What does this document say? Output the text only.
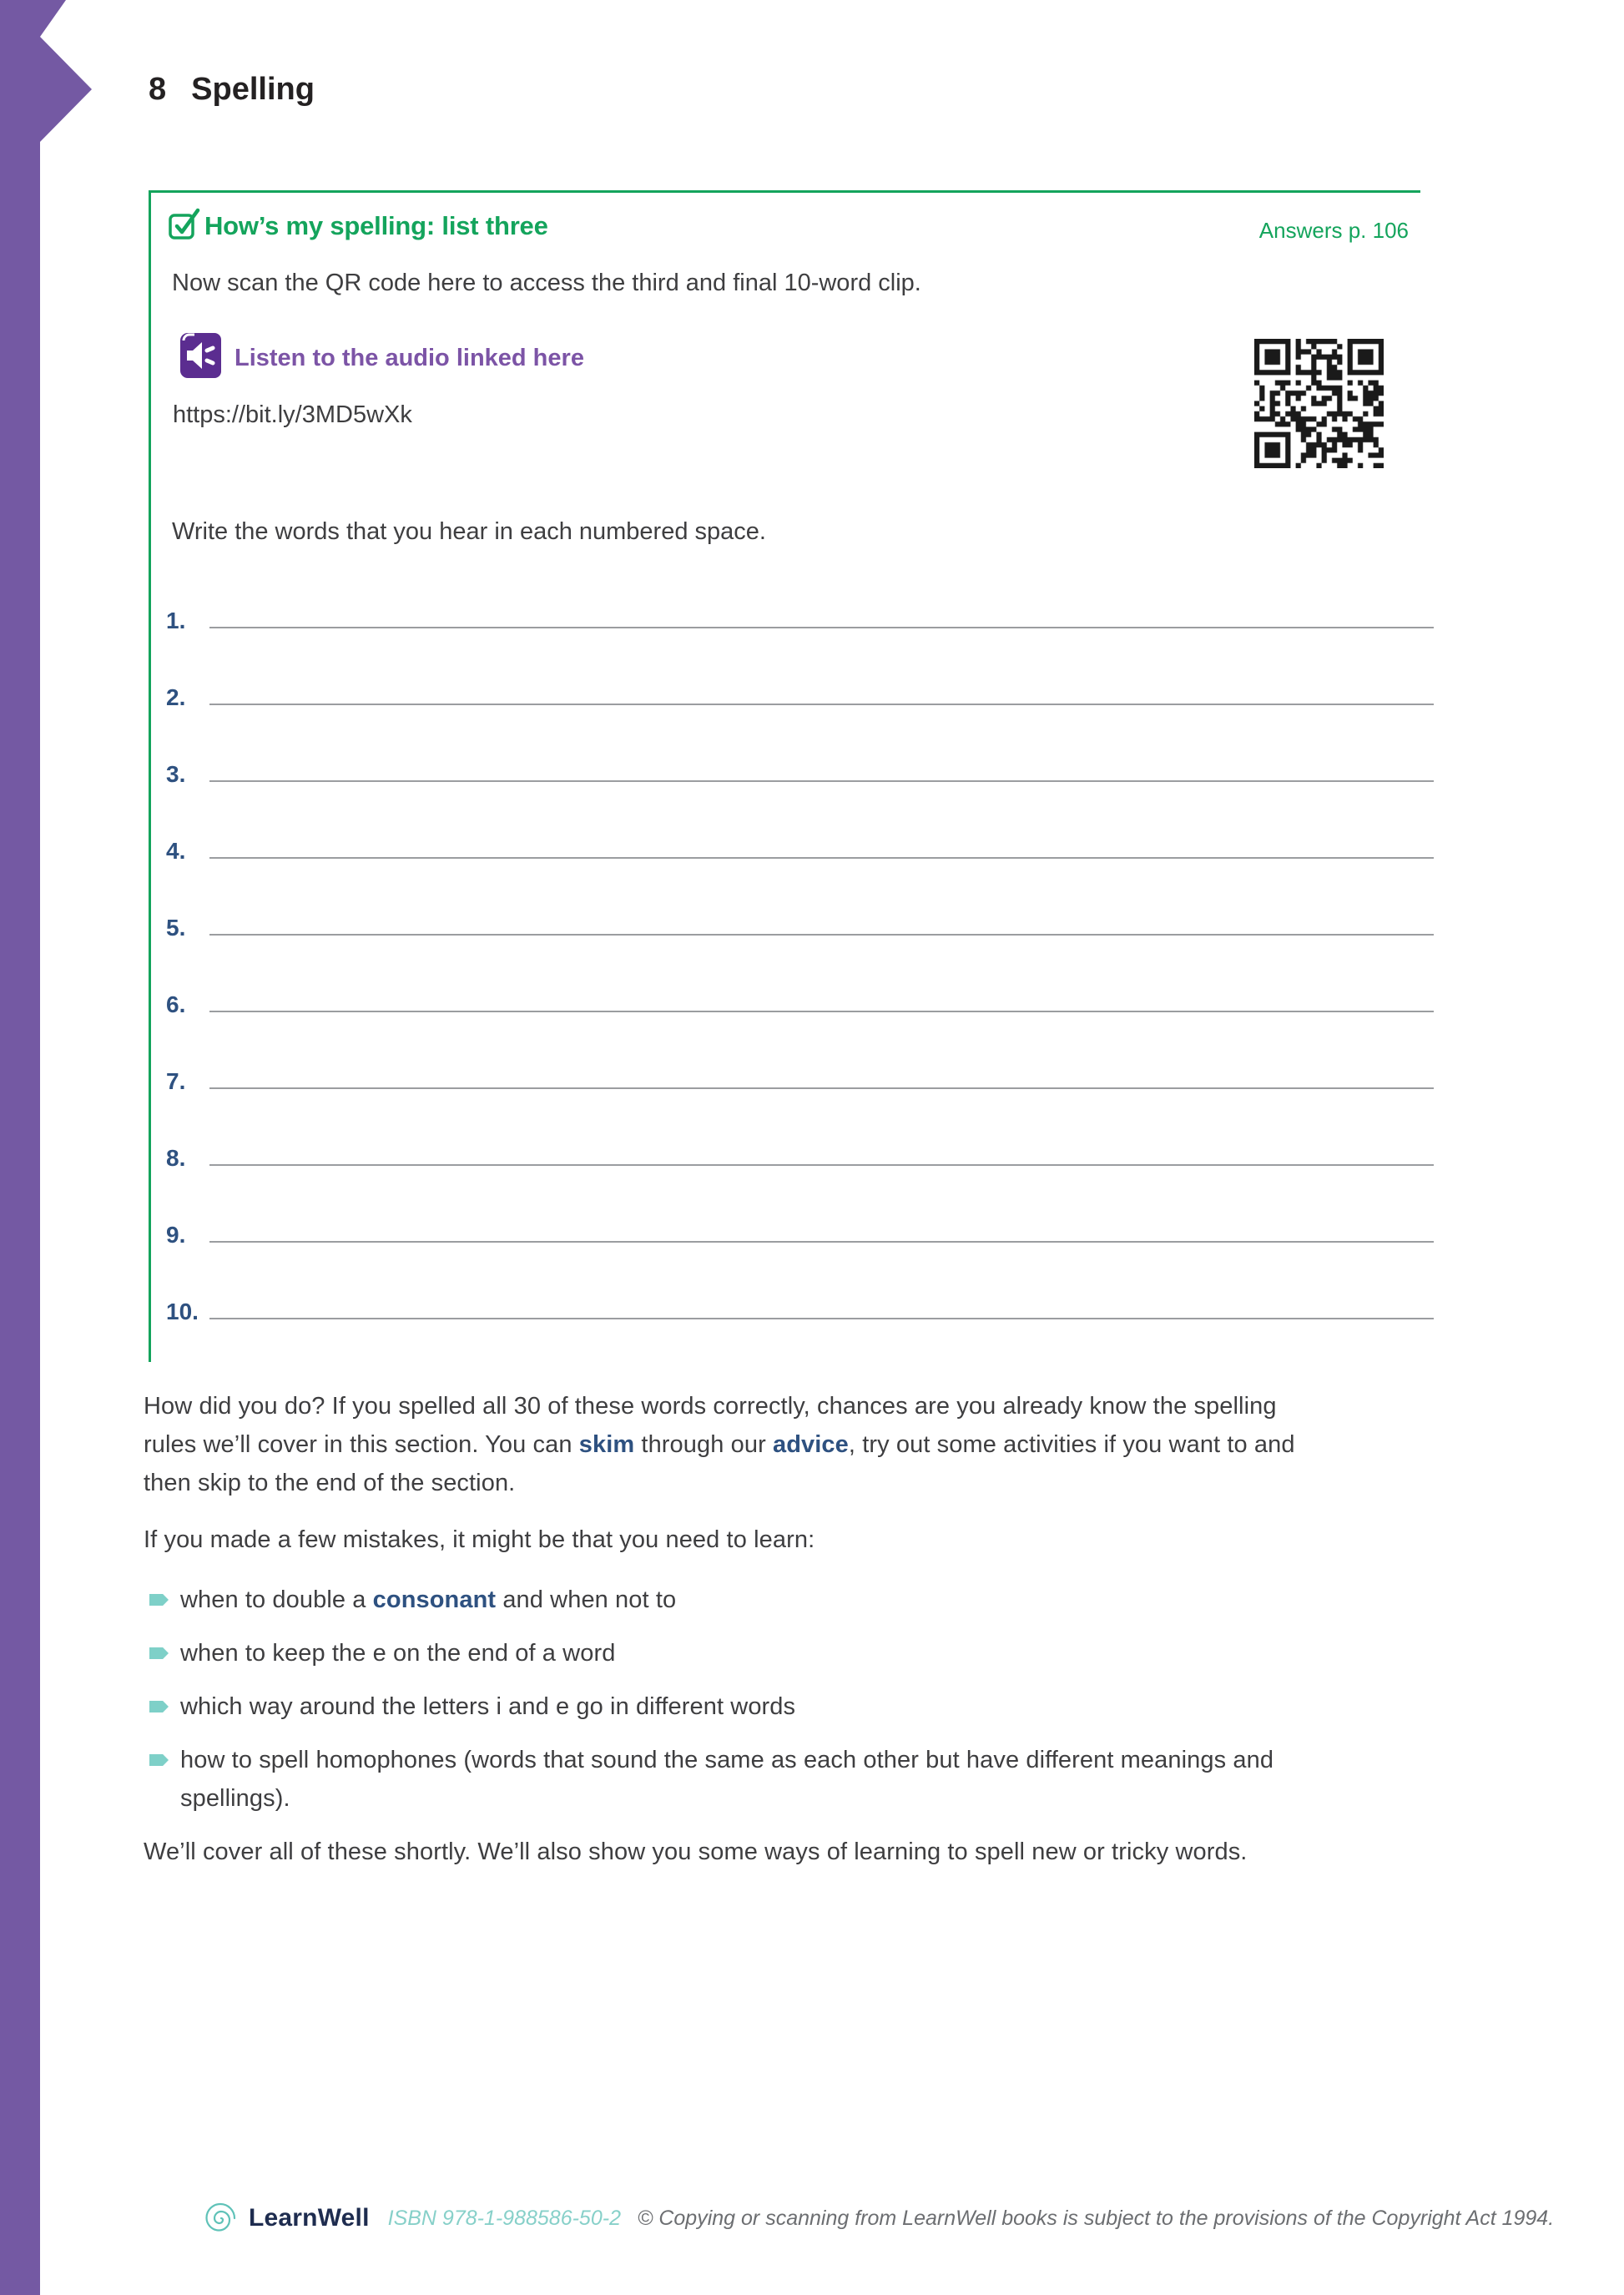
8 Spelling
How’s my spelling: list three	Answers p. 106
Now scan the QR code here to access the third and final 10-word clip.
Listen to the audio linked here
https://bit.ly/3MD5wXk
Write the words that you hear in each numbered space.
1.
2.
3.
4.
5.
6.
7.
8.
9.
10.

How did you do? If you spelled all 30 of these words correctly, chances are you already know the spelling rules we’ll cover in this section. You can skim through our advice, try out some activities if you want to and then skip to the end of the section.

If you made a few mistakes, it might be that you need to learn:

when to double a consonant and when not to
when to keep the e on the end of a word
which way around the letters i and e go in different words
how to spell homophones (words that sound the same as each other but have different meanings and spellings).

We’ll cover all of these shortly. We’ll also show you some ways of learning to spell new or tricky words.

LearnWell ISBN 978-1-988586-50-2 © Copying or scanning from LearnWell books is subject to the provisions of the Copyright Act 1994.
